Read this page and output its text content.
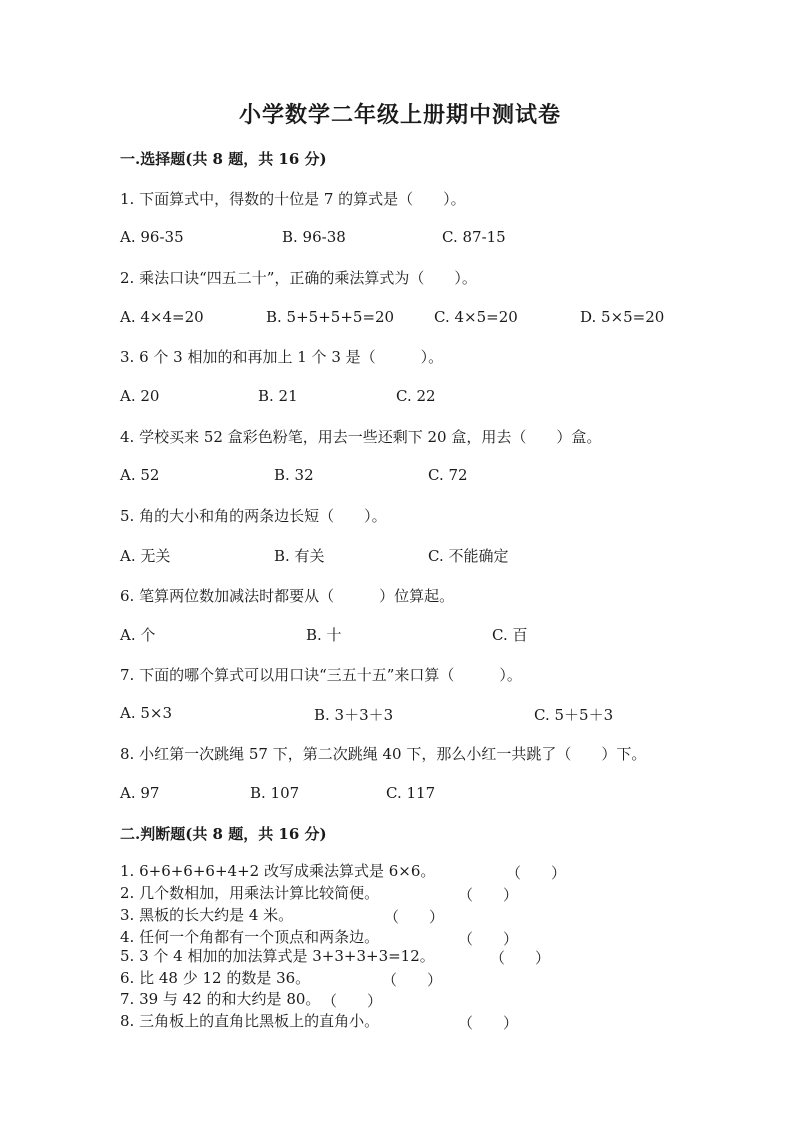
小学数学二年级上册期中测试卷
一.选择题(共 8 题，共 16 分)
1. 下面算式中，得数的十位是 7 的算式是（　　）。
A. 96-35	B. 96-38	C. 87-15
2. 乘法口诀“四五二十”，正确的乘法算式为（　　）。
A. 4×4=20	B. 5+5+5+5=20	C. 4×5=20	D. 5×5=20
3. 6 个 3 相加的和再加上 1 个 3 是（　　　）。
A. 20	B. 21	C. 22
4. 学校买来 52 盒彩色粉笔，用去一些还剩下 20 盒，用去（　　）盒。
A. 52	B. 32	C. 72
5. 角的大小和角的两条边长短（　　）。
A. 无关	B. 有关	C. 不能确定
6. 笔算两位数加减法时都要从（　　　）位算起。
A. 个	B. 十	C. 百
7. 下面的哪个算式可以用口诀“三五十五”来口算（　　　）。
A. 5×3	B. 3＋3＋3	C. 5＋5＋3
8. 小红第一次跳绳 57 下，第二次跳绳 40 下，那么小红一共跳了（　　）下。
A. 97	B. 107	C. 117
二.判断题(共 8 题，共 16 分)
1. 6+6+6+6+4+2 改写成乘法算式是 6×6。	（　　）
2. 几个数相加，用乘法计算比较简便。	（　　）
3. 黑板的长大约是 4 米。	（　　）
4. 任何一个角都有一个顶点和两条边。	（　　）
5. 3 个 4 相加的加法算式是 3+3+3+3=12。	（　　）
6. 比 48 少 12 的数是 36。	（　　）
7. 39 与 42 的和大约是 80。 （　　）
8. 三角板上的直角比黑板上的直角小。	（　　）
